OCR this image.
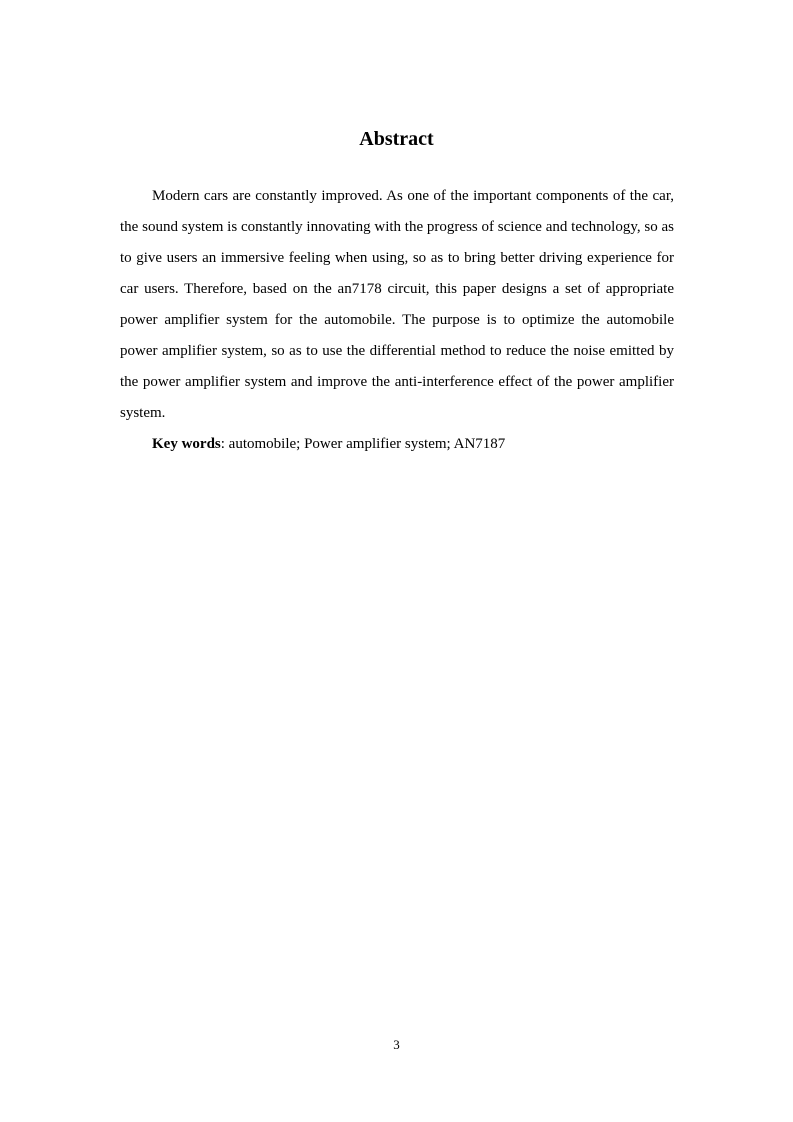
Abstract

Modern cars are constantly improved. As one of the important components of the car, the sound system is constantly innovating with the progress of science and technology, so as to give users an immersive feeling when using, so as to bring better driving experience for car users. Therefore, based on the an7178 circuit, this paper designs a set of appropriate power amplifier system for the automobile. The purpose is to optimize the automobile power amplifier system, so as to use the differential method to reduce the noise emitted by the power amplifier system and improve the anti-interference effect of the power amplifier system.

Key words: automobile; Power amplifier system; AN7187

3
